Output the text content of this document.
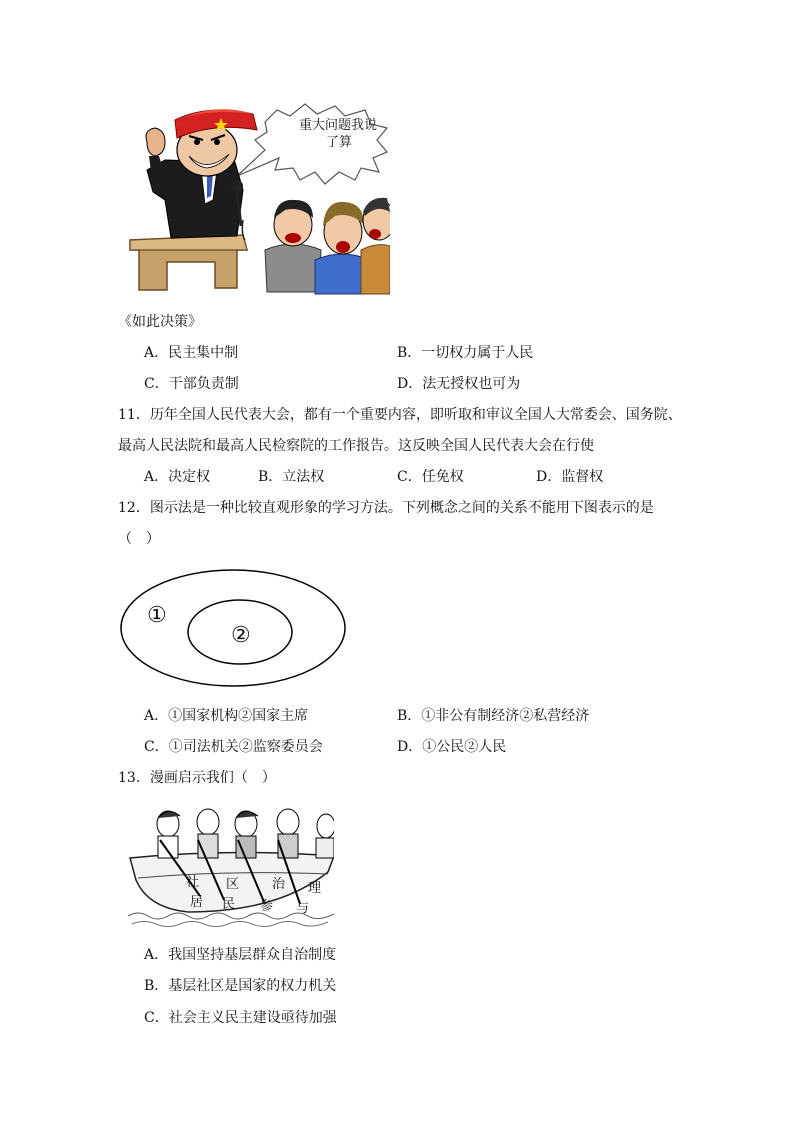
重大问题我说
了算
《如此决策》
A．民主集中制	B．一切权力属于人民
C．干部负责制	D．法无授权也可为
11．历年全国人民代表大会，都有一个重要内容，即听取和审议全国人大常委会、国务院、
最高人民法院和最高人民检察院的工作报告。这反映全国人民代表大会在行使
A．决定权	B．立法权	C．任免权	D．监督权
12．图示法是一种比较直观形象的学习方法。下列概念之间的关系不能用下图表示的是
（　）
①
②
A．①国家机构②国家主席	B．①非公有制经济②私营经济
C．①司法机关②监察委员会	D．①公民②人民
13．漫画启示我们（　）
社 区	治 理
居 民 参 与
A．我国坚持基层群众自治制度
B．基层社区是国家的权力机关
C．社会主义民主建设亟待加强
